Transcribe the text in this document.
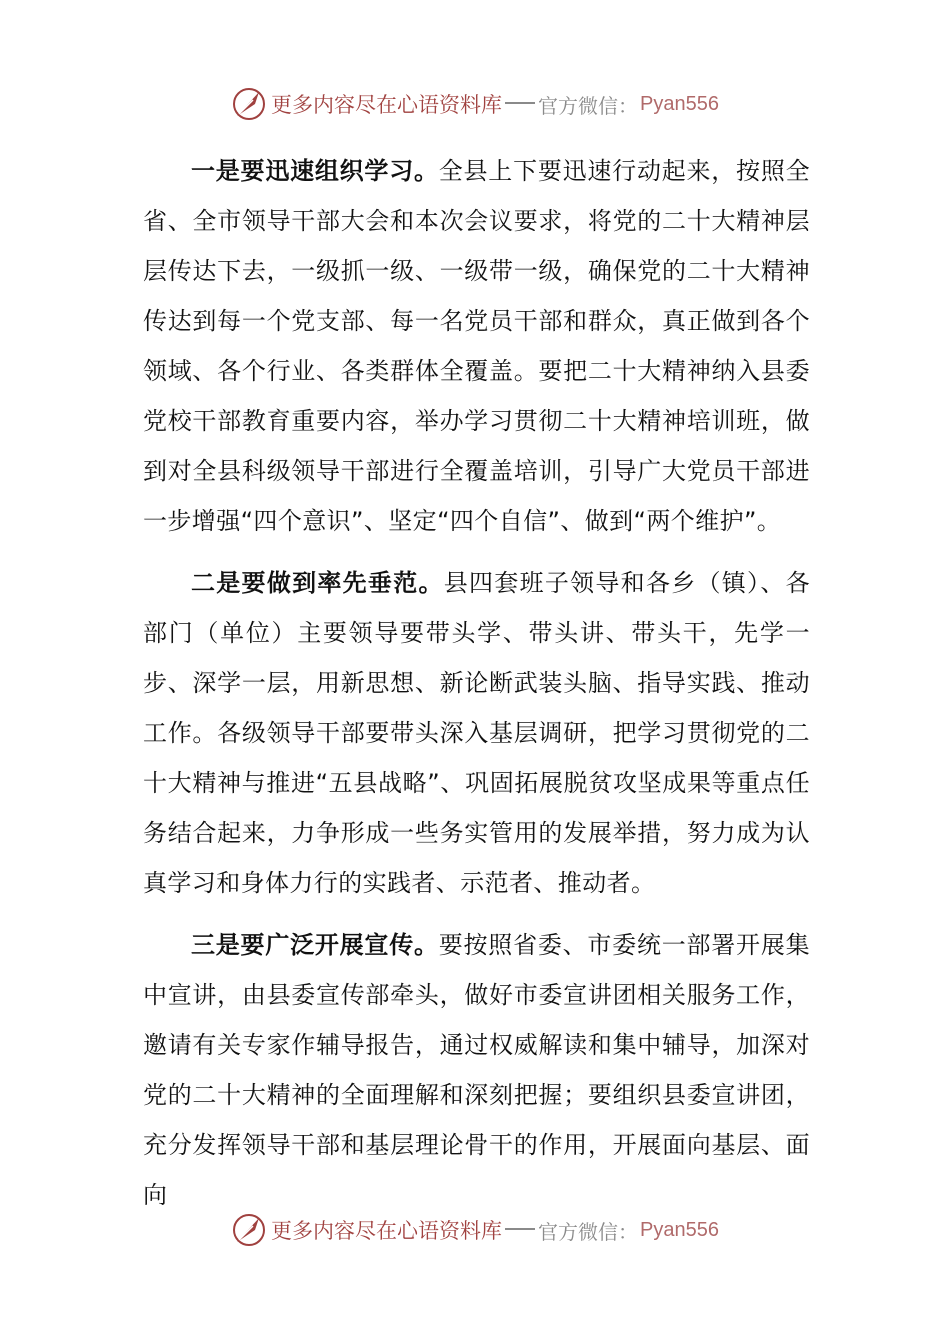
更多内容尽在心语资料库 官方微信： Pyan556

一是要迅速组织学习。全县上下要迅速行动起来，按照全省、全市领导干部大会和本次会议要求，将党的二十大精神层层传达下去，一级抓一级、一级带一级，确保党的二十大精神传达到每一个党支部、每一名党员干部和群众，真正做到各个领域、各个行业、各类群体全覆盖。要把二十大精神纳入县委党校干部教育重要内容，举办学习贯彻二十大精神培训班，做到对全县科级领导干部进行全覆盖培训，引导广大党员干部进一步增强“四个意识”、坚定“四个自信”、做到“两个维护”。

二是要做到率先垂范。县四套班子领导和各乡（镇）、各部门（单位）主要领导要带头学、带头讲、带头干，先学一步、深学一层，用新思想、新论断武装头脑、指导实践、推动工作。各级领导干部要带头深入基层调研，把学习贯彻党的二十大精神与推进“五县战略”、巩固拓展脱贫攻坚成果等重点任务结合起来，力争形成一些务实管用的发展举措，努力成为认真学习和身体力行的实践者、示范者、推动者。

三是要广泛开展宣传。要按照省委、市委统一部署开展集中宣讲，由县委宣传部牵头，做好市委宣讲团相关服务工作，邀请有关专家作辅导报告，通过权威解读和集中辅导，加深对党的二十大精神的全面理解和深刻把握；要组织县委宣讲团，充分发挥领导干部和基层理论骨干的作用，开展面向基层、面向

更多内容尽在心语资料库 官方微信： Pyan556
